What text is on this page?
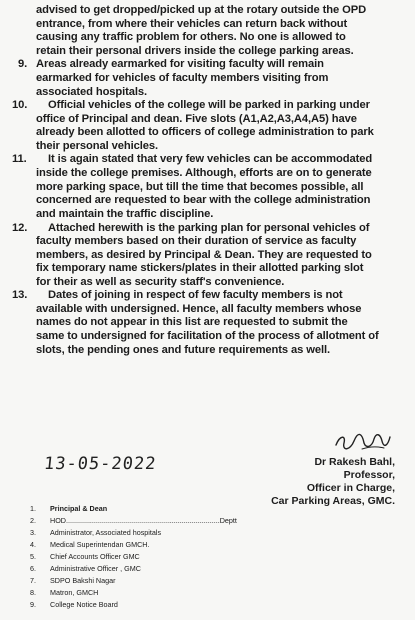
advised to get dropped/picked up at the rotary outside the OPD
entrance, from where their vehicles can return back without
causing any traffic problem for others. No one is allowed to
retain their personal drivers inside the college parking areas.
9. Areas already earmarked for visiting faculty will remain
earmarked for vehicles of faculty members visiting from
associated hospitals.
10. Official vehicles of the college will be parked in parking under
office of Principal and dean. Five slots (A1,A2,A3,A4,A5) have
already been allotted to officers of college administration to park
their personal vehicles.
11. It is again stated that very few vehicles can be accommodated
inside the college premises. Although, efforts are on to generate
more parking space, but till the time that becomes possible, all
concerned are requested to bear with the college administration
and maintain the traffic discipline.
12. Attached herewith is the parking plan for personal vehicles of
faculty members based on their duration of service as faculty
members, as desired by Principal & Dean. They are requested to
fix temporary name stickers/plates in their allotted parking slot
for their as well as security staff's convenience.
13. Dates of joining in respect of few faculty members is not
available with undersigned. Hence, all faculty members whose
names do not appear in this list are requested to submit the
same to undersigned for facilitation of the process of allotment of
slots, the pending ones and future requirements as well.
13-05-2022	Dr Rakesh Bahl,
Professor,
Officer in Charge,
Car Parking Areas, GMC.
1. Principal & Dean
2. HOD.............................................................................Deptt
3. Administrator, Associated hospitals
4. Medical Superintendan GMCH.
5. Chief Accounts Officer GMC
6. Administrative Officer , GMC
7. SDPO Bakshi Nagar
8. Matron, GMCH
9. College Notice Board
